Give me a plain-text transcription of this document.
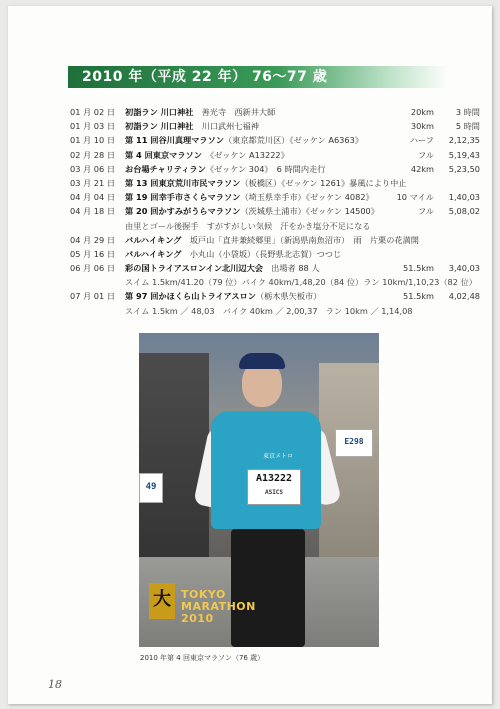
2010 年（平成 22 年） 76〜77 歳
01 月 02 日	初詣ラン 川口神社　 善光寺　西新井大師	20km	3 時間
01 月 03 日	初詣ラン 川口神社　 川口武州七福神	30km	5 時間
01 月 10 日	第 11 回谷川真理マラソン（東京都荒川区）《ゼッケン A6363》	ハーフ	2,12,35
02 月 28 日	第 4 回東京マラソン　 《ゼッケン A13222》	フル	5,19,43
03 月 06 日	お台場チャリティラン《ゼッケン 304》　6 時間内走行	42km	5,23,50
03 月 21 日	第 13 回東京荒川市民マラソン（板橋区）《ゼッケン 1261》暴風により中止
04 月 04 日	第 19 回幸手市さくらマラソン（埼玉県幸手市）《ゼッケン 4082》	10 マイル	1,40,03
04 月 18 日	第 20 回かすみがうらマラソン（茨城県土浦市）《ゼッケン 14500》	フル	5,08,02
由里とゴール後握手　すがすがしい気候　汗をかき塩分不足になる
04 月 29 日	バルハイキング　 坂戸山「直井兼続郷里」（新潟県南魚沼市）　雨　片栗の花満開
05 月 16 日	バルハイキング　 小丸山（小袋坂）（長野県北志賀）つつじ
06 月 06 日	彩の国トライアスロンイン北川辺大会　 出場者 88 人	51.5km	3,40,03
スイム 1.5km/41.20（79 位）バイク 40km/1,48,20（84 位）ラン 10km/1,10,23（82 位）
07 月 01 日	第 97 回かほくら山トライアスロン（栃木県矢板市）	51.5km	4,02,48
スイム 1.5km ／ 48,03　バイク 40km ／ 2,00,37　ラン 10km ／ 1,14,08
東京メトロ
A13222
ASICS
E298
49
大 TOKYO
MARATHON
2010
2010 年第 4 回東京マラソン（76 歳）
18
